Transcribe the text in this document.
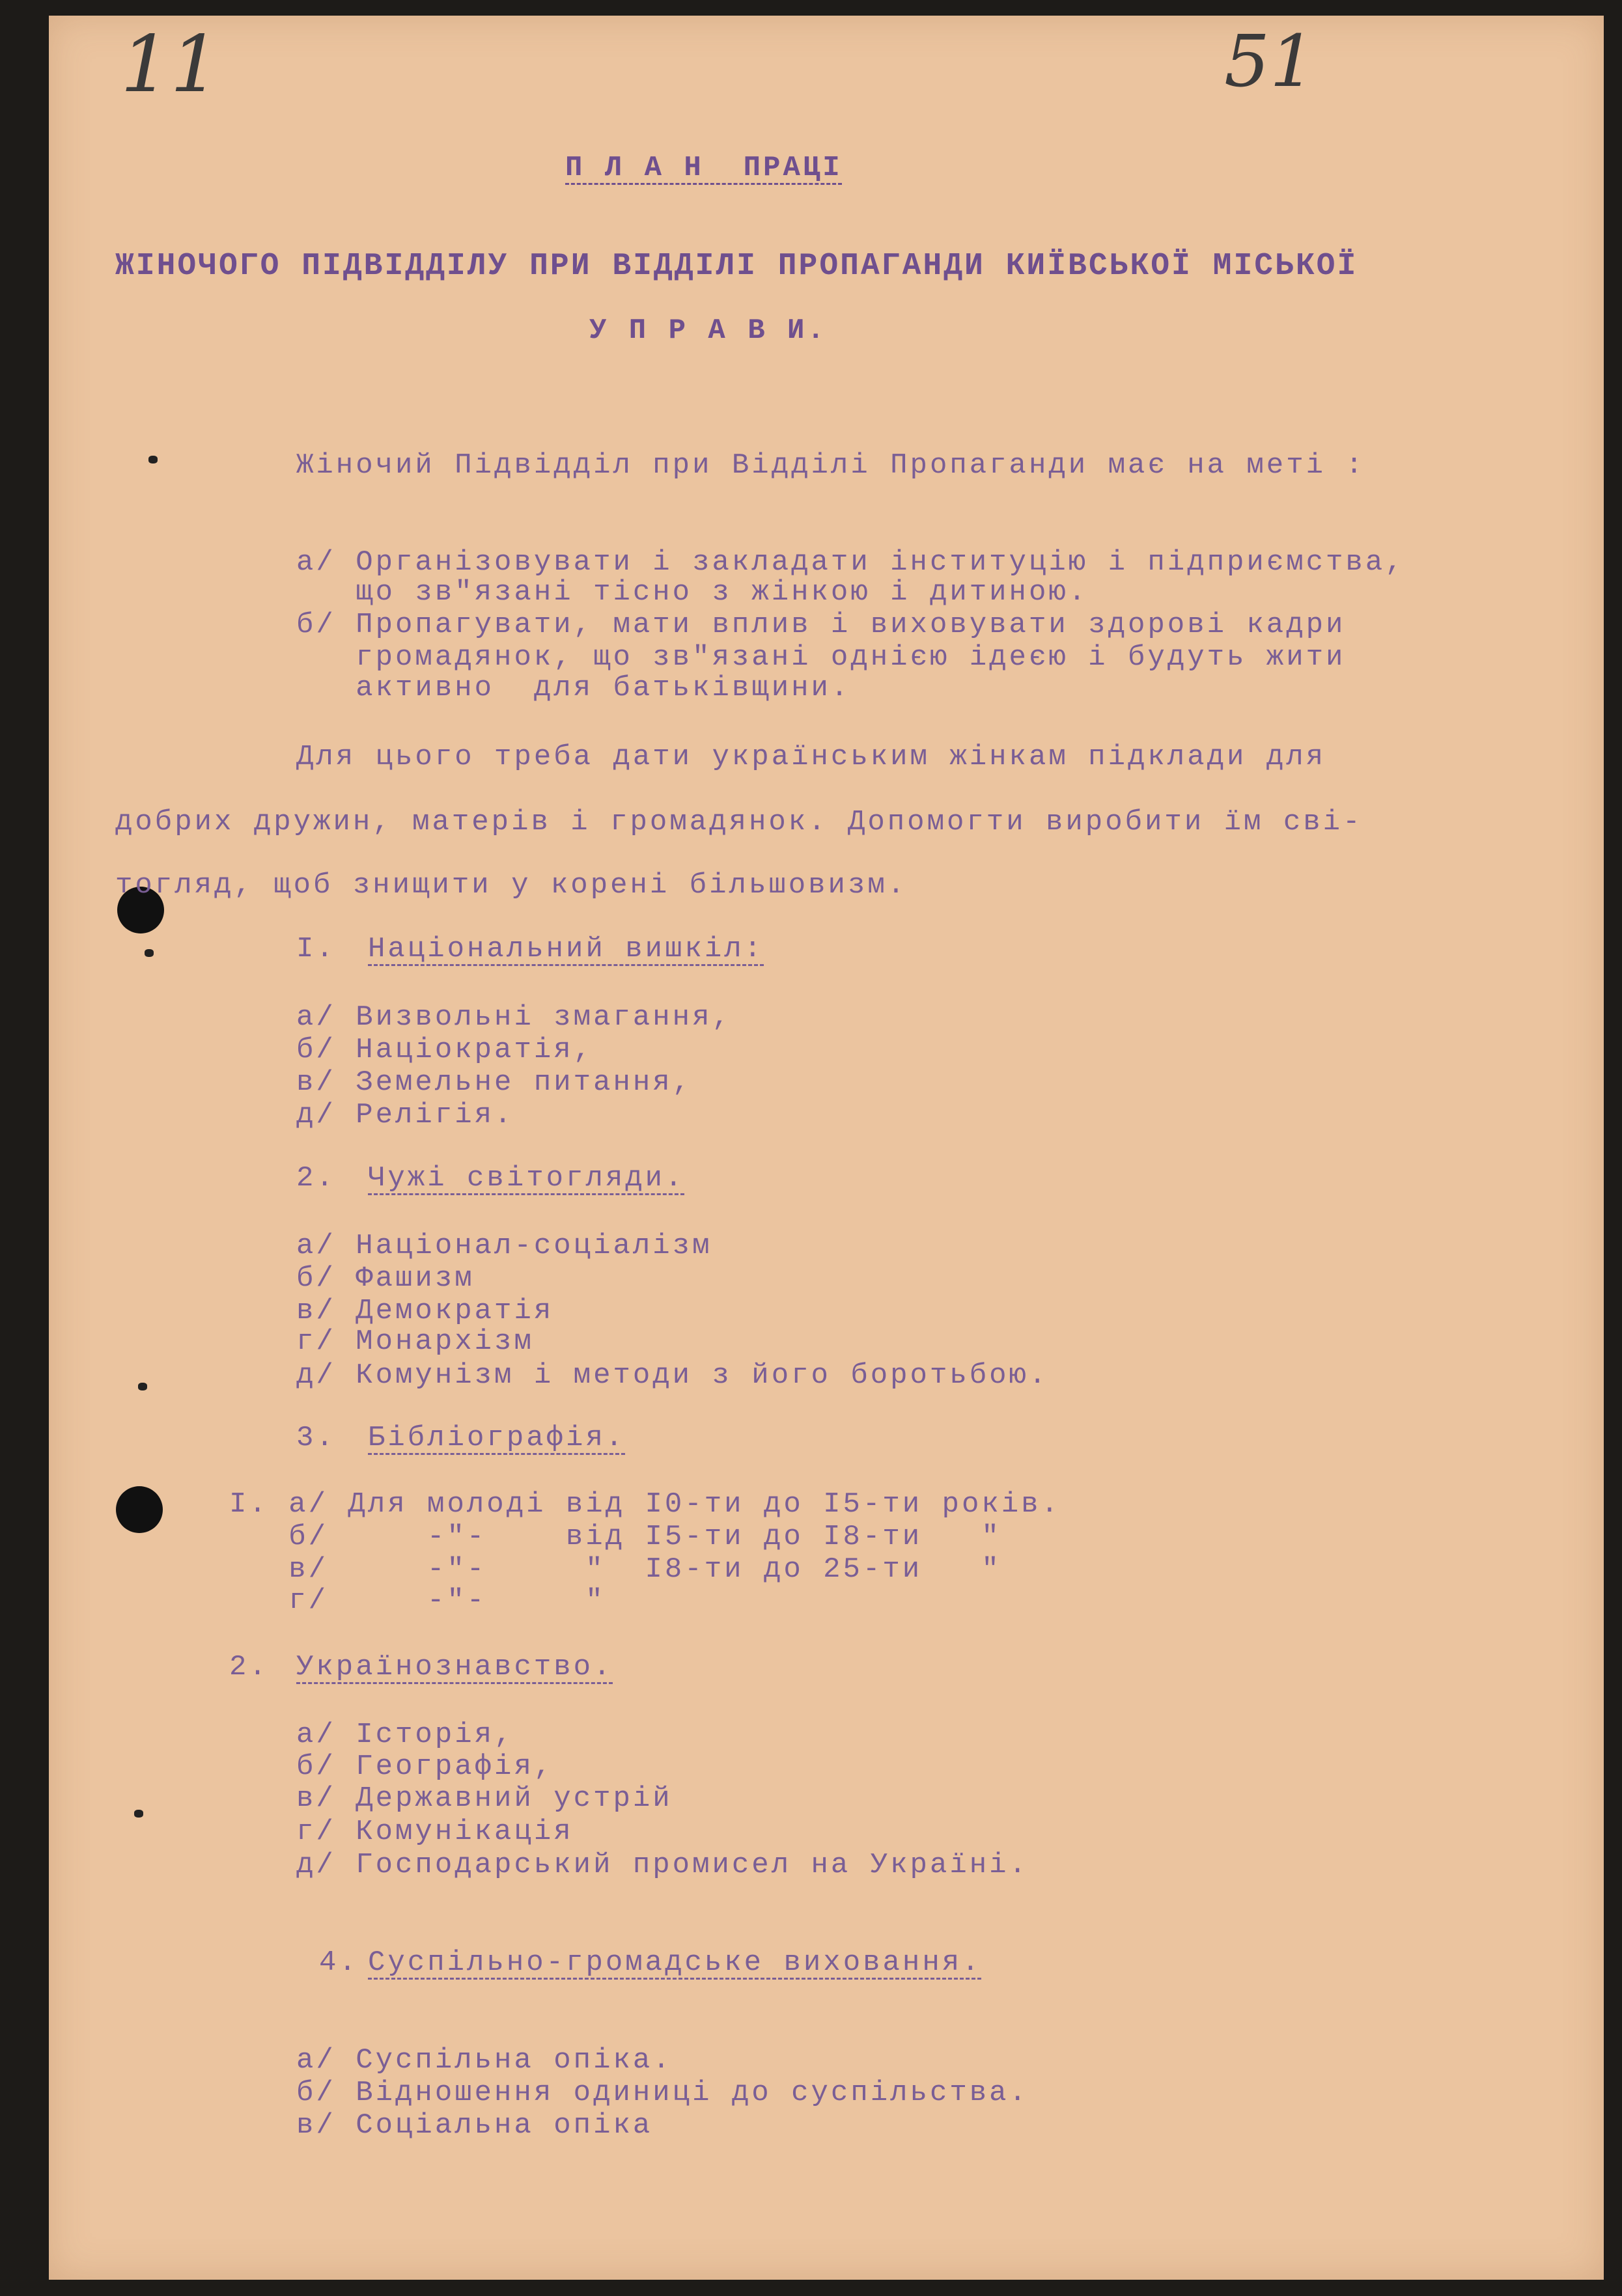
11	51

П Л А Н  ПРАЦІ

ЖІНОЧОГО ПІДВІДДІЛУ ПРИ ВІДДІЛІ ПРОПАГАНДИ КИЇВСЬКОЇ МІСЬКОЇ

У П Р А В И.

Жіночий Підвідділ при Відділі Пропаганди має на меті :

а/ Організовувати і закладати інституцію і підприємства,

що зв"язані тісно з жінкою і дитиною.

б/ Пропагувати, мати вплив і виховувати здорові кадри

громадянок, що зв"язані однією ідеєю і будуть жити

активно  для батьківщини.

Для цього треба дати українським жінкам підклади для

добрих дружин, матерів і громадянок. Допомогти виробити їм сві-

тогляд, щоб знищити у корені більшовизм.

I. Національний вишкіл:

а/ Визвольні змагання,

б/ Націократія,

в/ Земельне питання,

д/ Релігія.

2. Чужі світогляди.

а/ Націонал-соціалізм

б/ Фашизм

в/ Демократія

г/ Монархізм

д/ Комунізм і методи з його боротьбою.

3. Бібліографія.

I. а/ Для молоді від I0-ти до I5-ти років.

б/     -"-    від I5-ти до I8-ти   "

в/     -"-     "  I8-ти до 25-ти   "

г/     -"-     "

2. Українознавство.

а/ Історія,

б/ Географія,

в/ Державний устрій

г/ Комунікація

д/ Господарський промисел на Україні.

4. Суспільно-громадське виховання.

а/ Суспільна опіка.

б/ Відношення одиниці до суспільства.

в/ Соціальна опіка
